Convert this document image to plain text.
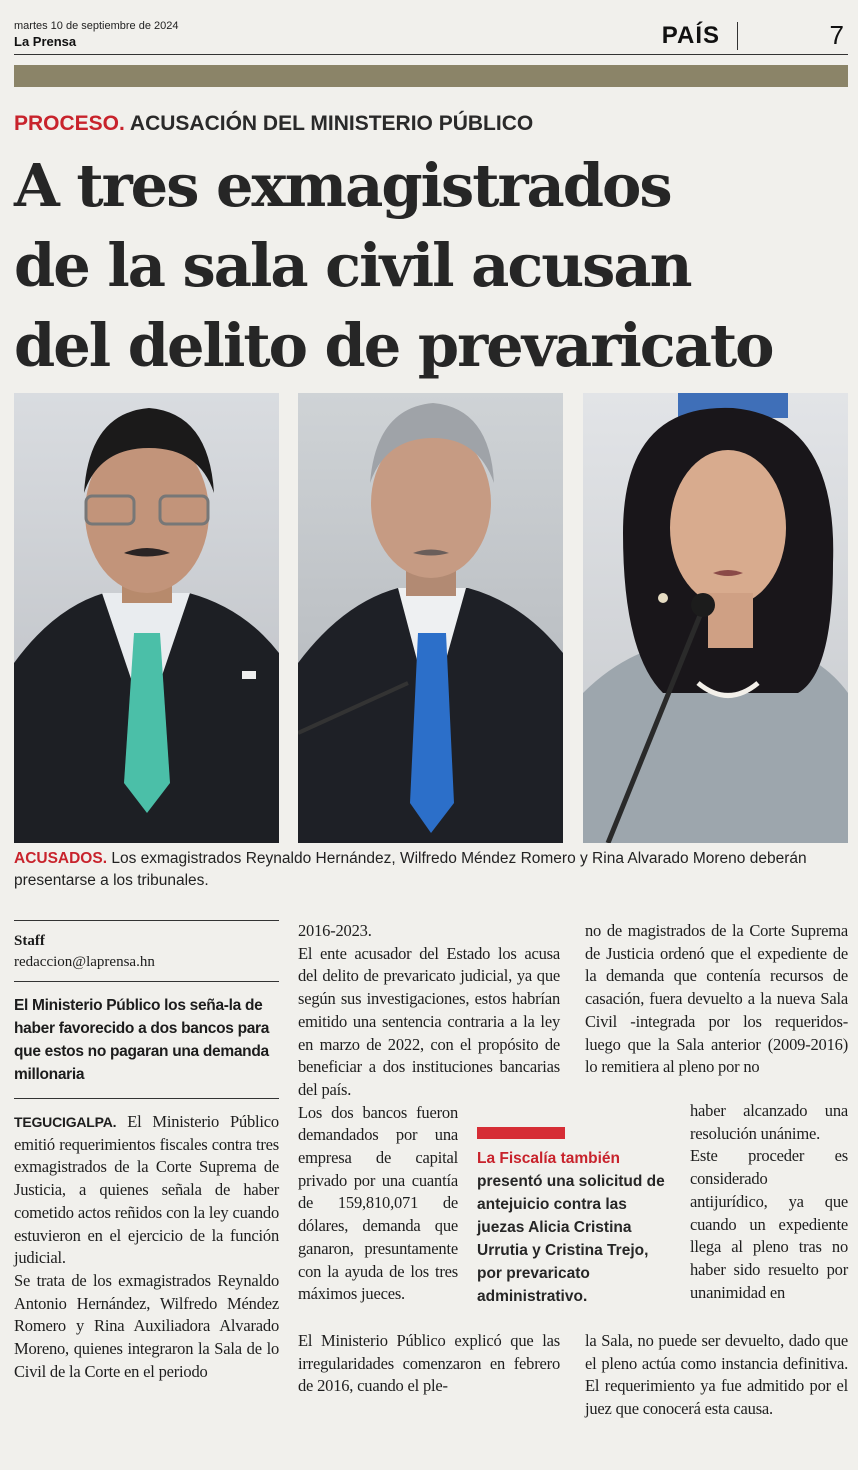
martes 10 de septiembre de 2024
La Prensa	PAÍS	7
PROCESO. ACUSACIÓN DEL MINISTERIO PÚBLICO
A tres exmagistrados
de la sala civil acusan
del delito de prevaricato
ACUSADOS. Los exmagistrados Reynaldo Hernández, Wilfredo Méndez Romero y Rina Alvarado Moreno deberán presentarse a los tribunales.
Staff
redaccion@laprensa.hn
El Ministerio Público los seña-la de haber favorecido a dos bancos para que estos no pagaran una demanda millonaria

TEGUCIGALPA. El Ministerio Público emitió requerimientos fiscales contra tres exmagistrados de la Corte Suprema de Justicia, a quienes señala de haber cometido actos reñidos con la ley cuando estuvieron en el ejercicio de la función judicial.

Se trata de los exmagistrados Reynaldo Antonio Hernández, Wilfredo Méndez Romero y Rina Auxiliadora Alvarado Moreno, quienes integraron la Sala de lo Civil de la Corte en el periodo

2016-2023.

El ente acusador del Estado los acusa del delito de prevaricato judicial, ya que según sus investigaciones, estos habrían emitido una sentencia contraria a la ley en marzo de 2022, con el propósito de beneficiar a dos instituciones bancarias del país.

Los dos bancos fueron demandados por una empresa de capital privado por una cuantía de 159,810,071 de dólares, demanda que ganaron, presuntamente con la ayuda de los tres máximos jueces.

El Ministerio Público explicó que las irregularidades comenzaron en febrero de 2016, cuando el ple-

no de magistrados de la Corte Suprema de Justicia ordenó que el expediente de la demanda que contenía recursos de casación, fuera devuelto a la nueva Sala Civil -integrada por los requeridos- luego que la Sala anterior (2009-2016) lo remitiera al pleno por no

haber alcanzado una resolución unánime.

Este proceder es considerado antijurídico, ya que cuando un expediente llega al pleno tras no haber sido resuelto por unanimidad en

la Sala, no puede ser devuelto, dado que el pleno actúa como instancia definitiva. El requerimiento ya fue admitido por el juez que conocerá esta causa.

La Fiscalía también presentó una solicitud de antejuicio contra las juezas Alicia Cristina Urrutia y Cristina Trejo, por prevaricato administrativo.
